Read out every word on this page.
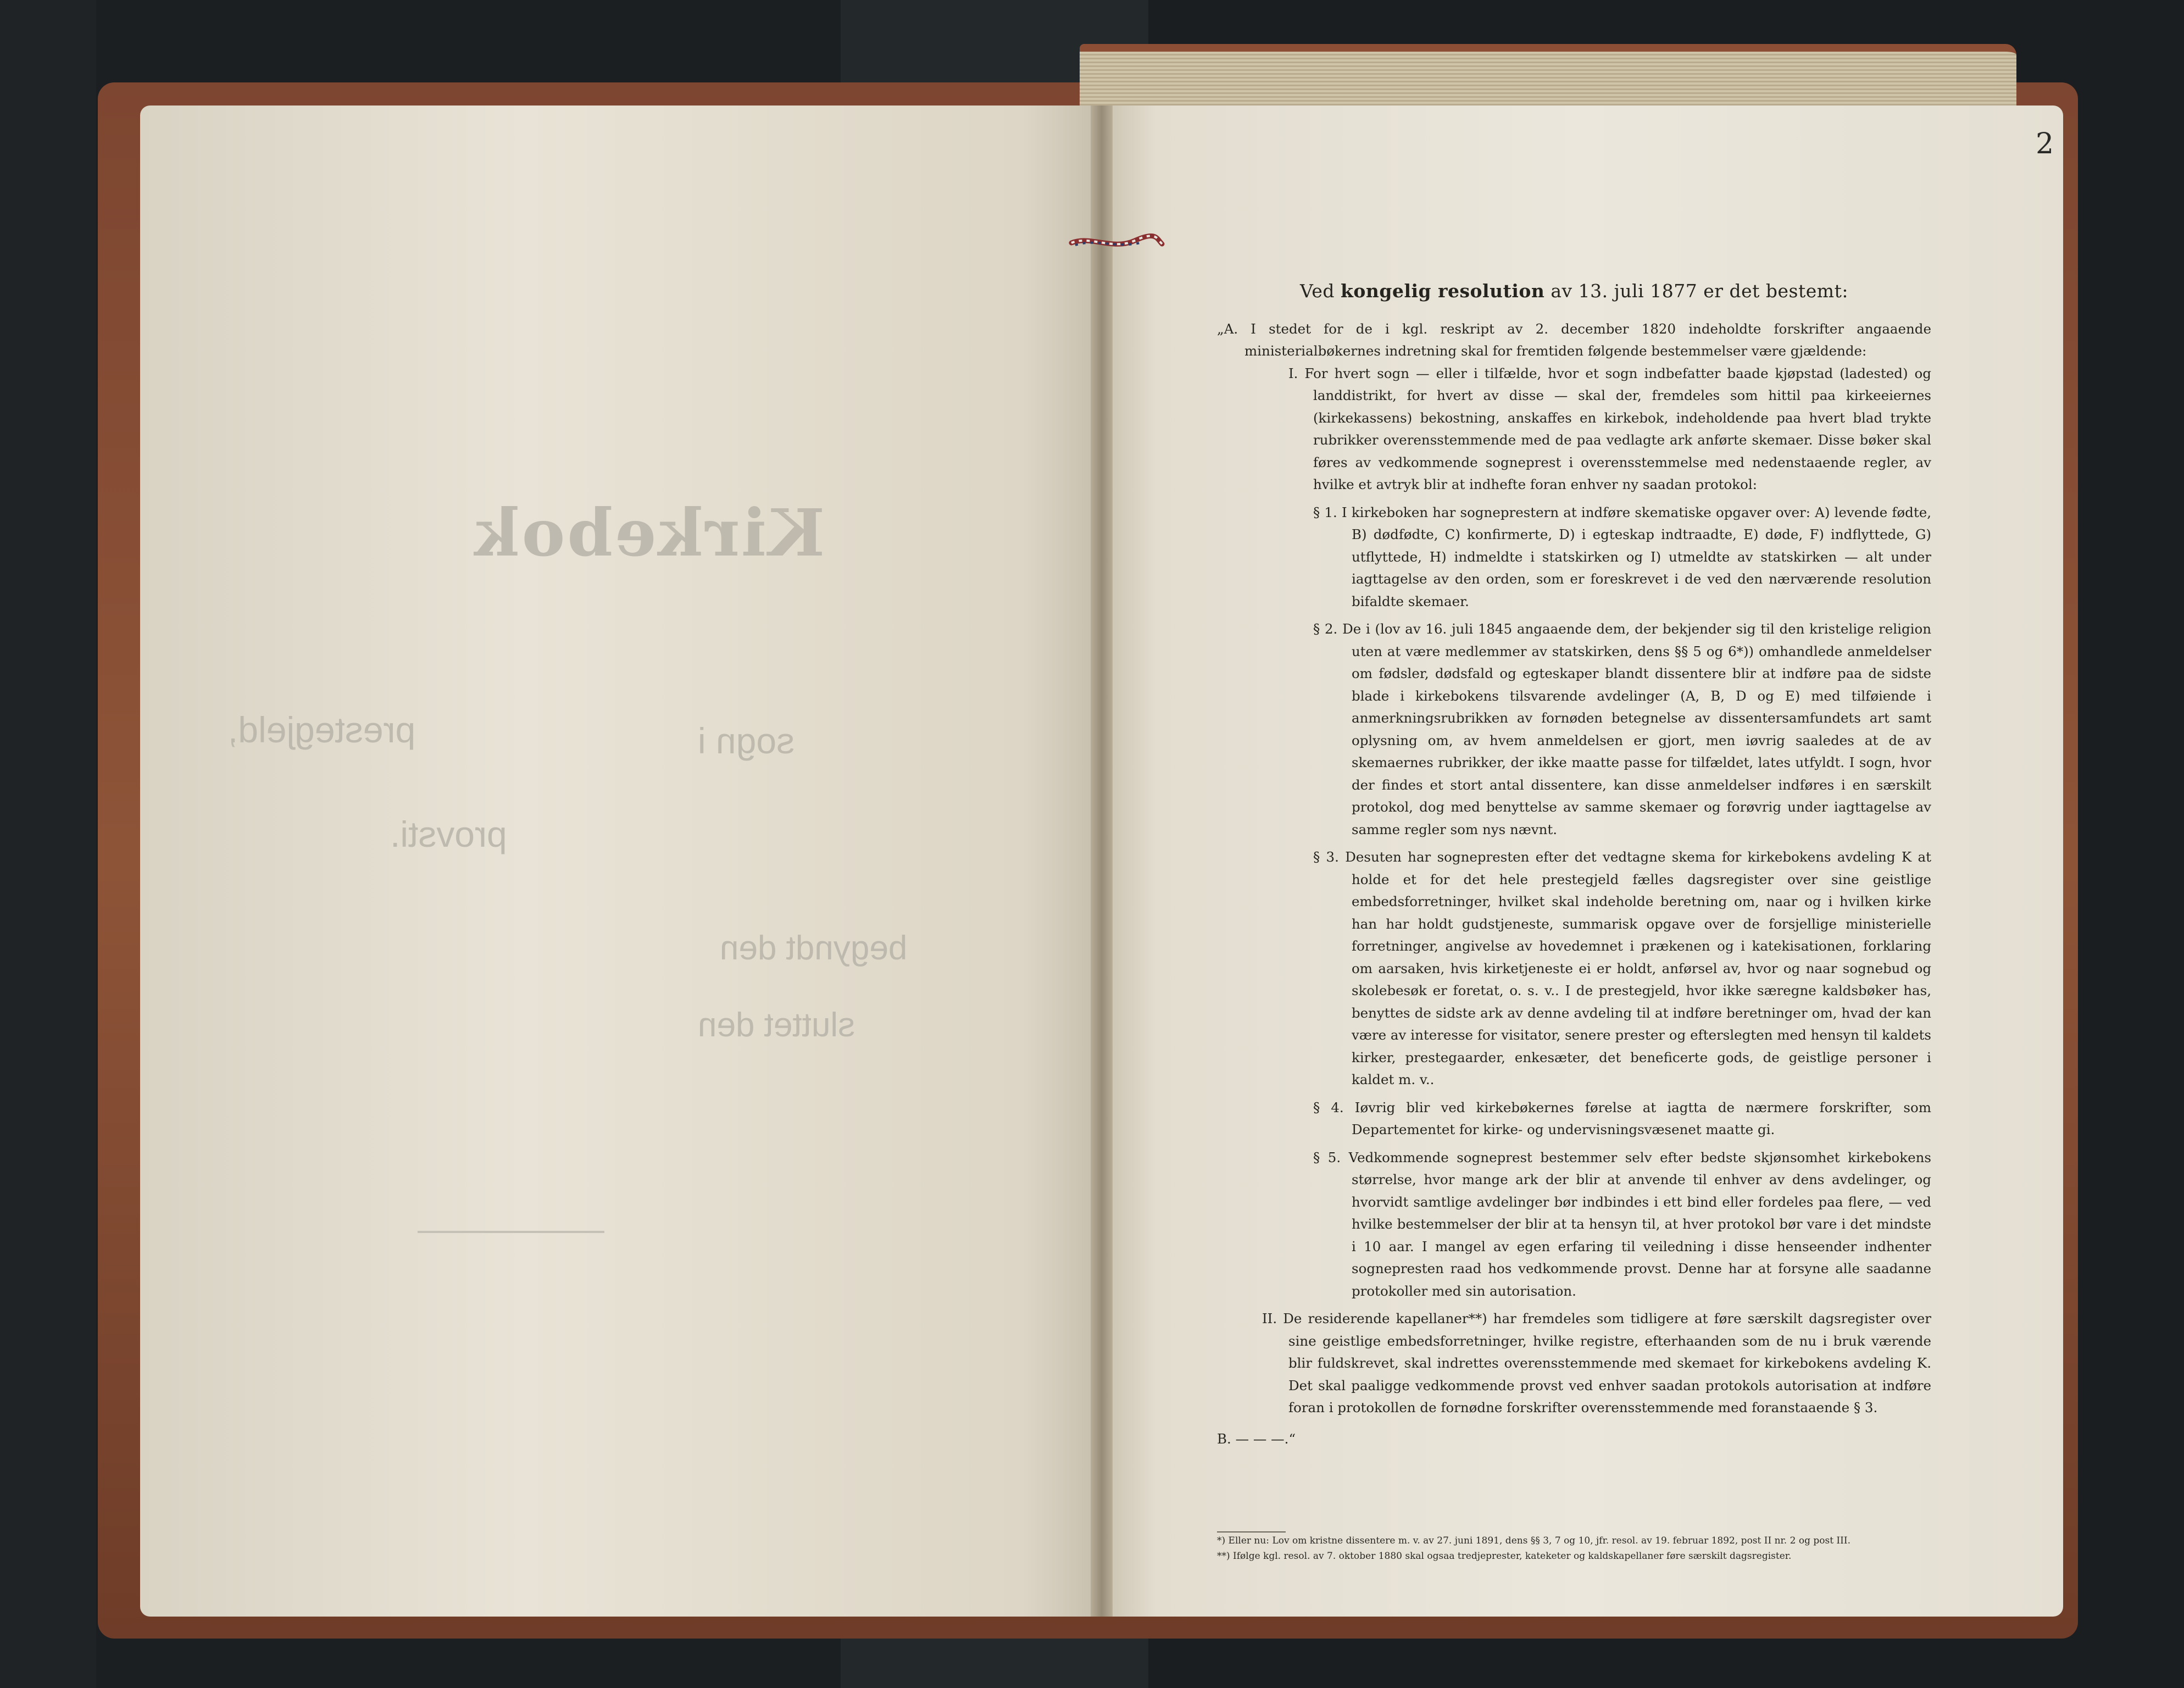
Kirkebok
prestegjeld,	sogn i
provsti.
begyndt den
sluttet den
2
Ved kongelig resolution av 13. juli 1877 er det bestemt:

„A. I stedet for de i kgl. reskript av 2. december 1820 indeholdte forskrifter angaaende ministerialbøkernes indretning skal for fremtiden følgende bestemmelser være gjældende:

I. For hvert sogn — eller i tilfælde, hvor et sogn indbefatter baade kjøpstad (ladested) og landdistrikt, for hvert av disse — skal der, fremdeles som hittil paa kirkeeiernes (kirkekassens) bekostning, anskaffes en kirkebok, indeholdende paa hvert blad trykte rubrikker overensstemmende med de paa vedlagte ark anførte skemaer. Disse bøker skal føres av vedkommende sogneprest i overensstemmelse med nedenstaaende regler, av hvilke et avtryk blir at indhefte foran enhver ny saadan protokol:

§ 1. I kirkeboken har sogneprestern at indføre skematiske opgaver over: A) levende fødte, B) dødfødte, C) konfirmerte, D) i egteskap indtraadte, E) døde, F) indflyttede, G) utflyttede, H) indmeldte i statskirken og I) utmeldte av statskirken — alt under iagttagelse av den orden, som er foreskrevet i de ved den nærværende resolution bifaldte skemaer.

§ 2. De i (lov av 16. juli 1845 angaaende dem, der bekjender sig til den kristelige religion uten at være medlemmer av statskirken, dens §§ 5 og 6*)) omhandlede anmeldelser om fødsler, dødsfald og egteskaper blandt dissentere blir at indføre paa de sidste blade i kirkebokens tilsvarende avdelinger (A, B, D og E) med tilføiende i anmerkningsrubrikken av fornøden betegnelse av dissentersamfundets art samt oplysning om, av hvem anmeldelsen er gjort, men iøvrig saaledes at de av skemaernes rubrikker, der ikke maatte passe for tilfældet, lates utfyldt. I sogn, hvor der findes et stort antal dissentere, kan disse anmeldelser indføres i en særskilt protokol, dog med benyttelse av samme skemaer og forøvrig under iagttagelse av samme regler som nys nævnt.

§ 3. Desuten har sognepresten efter det vedtagne skema for kirkebokens avdeling K at holde et for det hele prestegjeld fælles dagsregister over sine geistlige embedsforretninger, hvilket skal indeholde beretning om, naar og i hvilken kirke han har holdt gudstjeneste, summarisk opgave over de forsjellige ministerielle forretninger, angivelse av hovedemnet i prækenen og i katekisationen, forklaring om aarsaken, hvis kirketjeneste ei er holdt, anførsel av, hvor og naar sognebud og skolebesøk er foretat, o. s. v.. I de prestegjeld, hvor ikke særegne kaldsbøker has, benyttes de sidste ark av denne avdeling til at indføre beretninger om, hvad der kan være av interesse for visitator, senere prester og efterslegten med hensyn til kaldets kirker, prestegaarder, enkesæter, det beneficerte gods, de geistlige personer i kaldet m. v..

§ 4. Iøvrig blir ved kirkebøkernes førelse at iagtta de nærmere forskrifter, som Departementet for kirke- og undervisningsvæsenet maatte gi.

§ 5. Vedkommende sogneprest bestemmer selv efter bedste skjønsomhet kirkebokens størrelse, hvor mange ark der blir at anvende til enhver av dens avdelinger, og hvorvidt samtlige avdelinger bør indbindes i ett bind eller fordeles paa flere, — ved hvilke bestemmelser der blir at ta hensyn til, at hver protokol bør vare i det mindste i 10 aar. I mangel av egen erfaring til veiledning i disse henseender indhenter sognepresten raad hos vedkommende provst. Denne har at forsyne alle saadanne protokoller med sin autorisation.

II. De residerende kapellaner**) har fremdeles som tidligere at føre særskilt dagsregister over sine geistlige embedsforretninger, hvilke registre, efterhaanden som de nu i bruk værende blir fuldskrevet, skal indrettes overensstemmende med skemaet for kirkebokens avdeling K. Det skal paaligge vedkommende provst ved enhver saadan protokols autorisation at indføre foran i protokollen de fornødne forskrifter overensstemmende med foranstaaende § 3.

B. — — —.“

*) Eller nu: Lov om kristne dissentere m. v. av 27. juni 1891, dens §§ 3, 7 og 10, jfr. resol. av 19. februar 1892, post II nr. 2 og post III.
**) Ifølge kgl. resol. av 7. oktober 1880 skal ogsaa tredjeprester, kateketer og kaldskapellaner føre særskilt dagsregister.
